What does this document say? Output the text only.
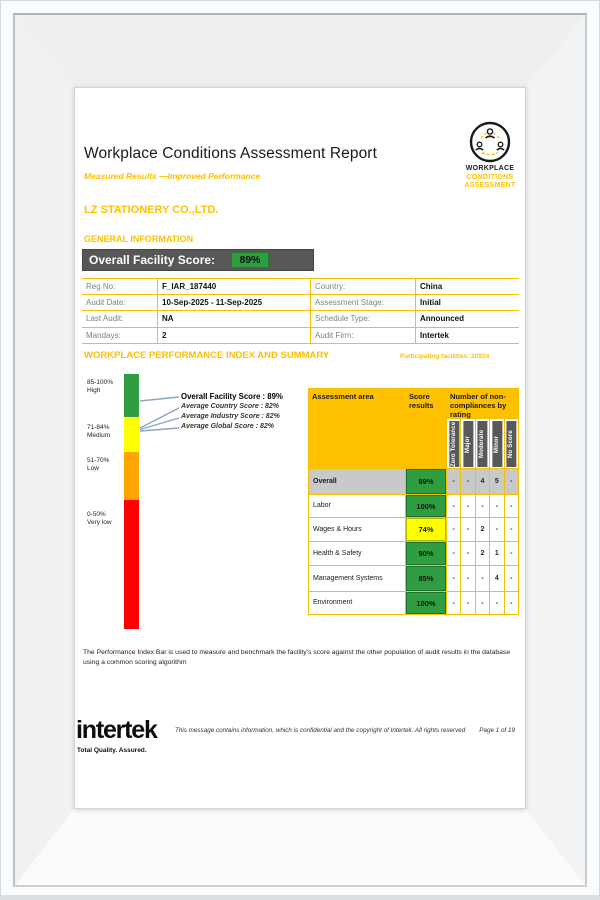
Workplace Conditions Assessment Report
Measured Results —Improved Performance
WORKPLACE
CONDITIONS
ASSESSMENT
LZ STATIONERY CO.,LTD.
GENERAL INFORMATION
Overall Facility Score:	89%
Reg No:	F_IAR_187440	Country:	China
Audit Date:	10-Sep-2025 - 11-Sep-2025	Assessment Stage:	Initial
Last Audit:	NA	Schedule Type:	Announced
Mandays:	2	Audit Firm:	Intertek
WORKPLACE PERFORMANCE INDEX AND SUMMARY	Participating facilities: 20934
85-100%
High
71-84%
Medium
51-70%
Low
0-50%
Very low
Overall Facility Score : 89%
Average Country Score : 82%
Average Industry Score : 82%
Average Global Score : 82%
Assessment area	Score results
Number of non-compliances by rating
Zero Tolerance	Major	Moderate	Minor	No Score
Overall	89%	-	-	4	5	-
Labor	100%	-	-	-	-	-
Wages & Hours	74%	-	-	2	-	-
Health & Safety	90%	-	-	2	1	-
Management Systems	85%	-	-	-	4	-
Environment	100%	-	-	-	-	-
The Performance Index Bar is used to measure and benchmark the facility's score against the other population of audit results in the database using a common scoring algorithm
intertek
Total Quality. Assured.
This message contains information, which is confidential and the copyright of Intertek. All rights reserved Page 1 of 19
